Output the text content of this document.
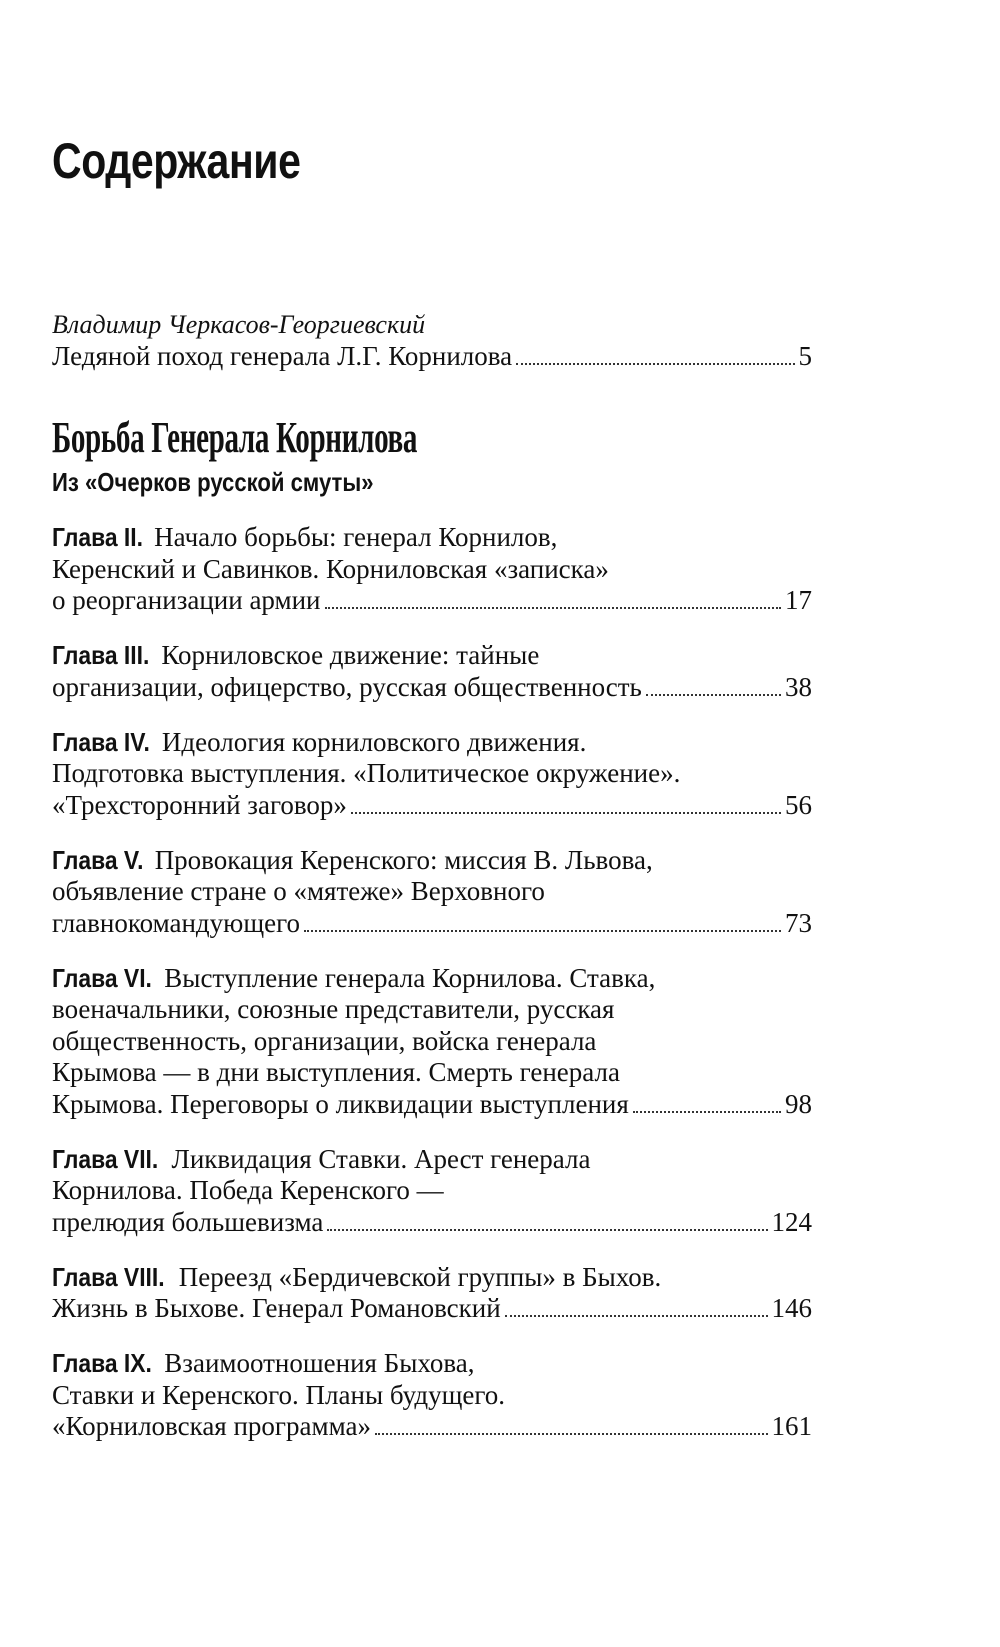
Содержание
Владимир Черкасов-Георгиевский
Ледяной поход генерала Л.Г. Корнилова	5
Борьба Генерала Корнилова
Из «Очерков русской смуты»
Глава II.
Начало борьбы: генерал Корнилов,
Керенский и Савинков. Корниловская «записка»
о реорганизации армии	17
Глава III.
Корниловское движение: тайные
организации, офицерство, русская общественность	38
Глава IV.
Идеология корниловского движения.
Подготовка выступления. «Политическое окружение».
«Трехсторонний заговор»	56
Глава V.
Провокация Керенского: миссия В. Львова,
объявление стране о «мятеже» Верховного
главнокомандующего	73
Глава VI.
Выступление генерала Корнилова. Ставка,
военачальники, союзные представители, русская
общественность, организации, войска генерала
Крымова — в дни выступления. Смерть генерала
Крымова. Переговоры о ликвидации выступления	98
Глава VII.
Ликвидация Ставки. Арест генерала
Корнилова. Победа Керенского —
прелюдия большевизма	124
Глава VIII.
Переезд «Бердичевской группы» в Быхов.
Жизнь в Быхове. Генерал Романовский	146
Глава IX.
Взаимоотношения Быхова,
Ставки и Керенского. Планы будущего.
«Корниловская программа»	161
